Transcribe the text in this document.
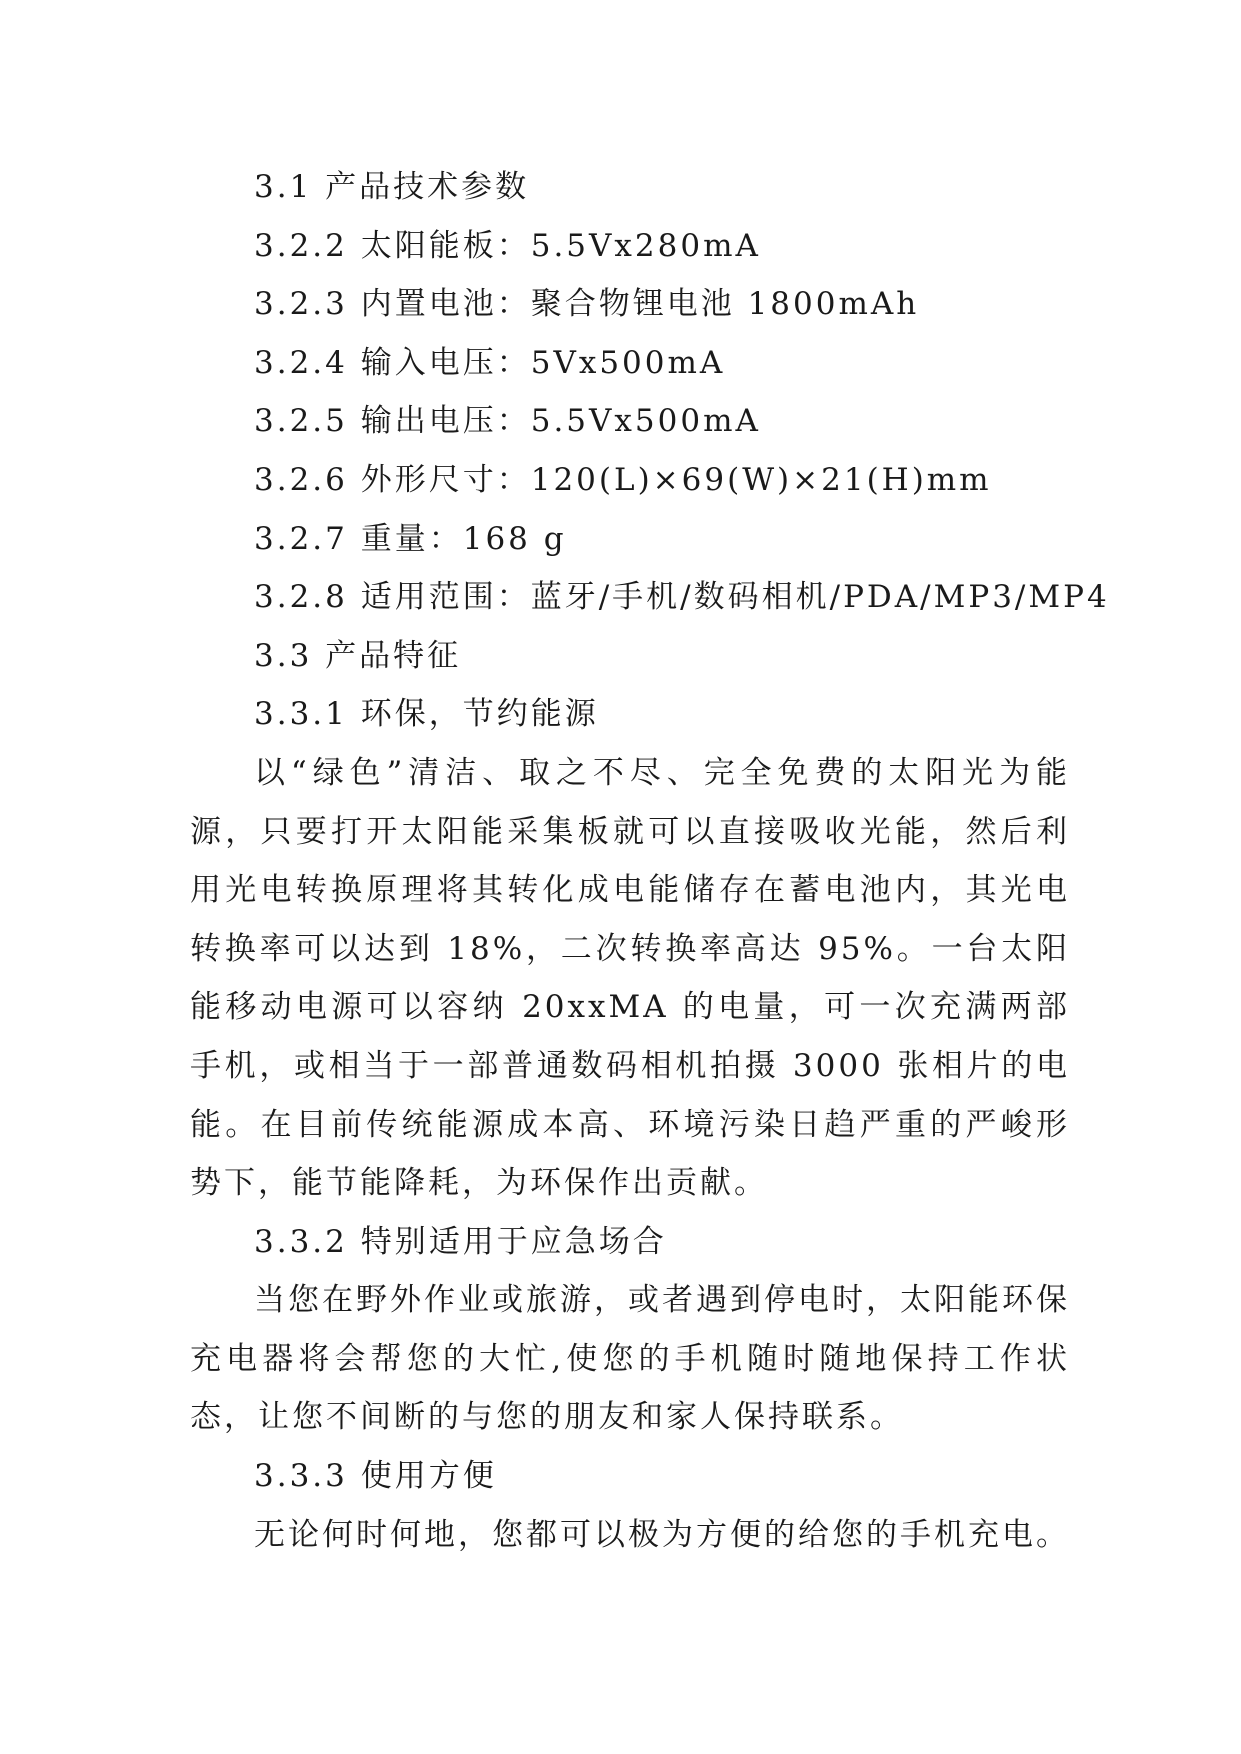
3.1 产品技术参数
3.2.2 太阳能板：5.5Vx280mA
3.2.3 内置电池：聚合物锂电池 1800mAh
3.2.4 输入电压：5Vx500mA
3.2.5 输出电压：5.5Vx500mA
3.2.6 外形尺寸：120(L)×69(W)×21(H)mm
3.2.7 重量：168 g
3.2.8 适用范围：蓝牙/手机/数码相机/PDA/MP3/MP4
3.3 产品特征
3.3.1 环保，节约能源

以“绿色”清洁、取之不尽、完全免费的太阳光为能源，只要打开太阳能采集板就可以直接吸收光能，然后利用光电转换原理将其转化成电能储存在蓄电池内，其光电转换率可以达到 18%，二次转换率高达 95%。一台太阳能移动电源可以容纳 20xxMA 的电量，可一次充满两部手机，或相当于一部普通数码相机拍摄 3000 张相片的电能。在目前传统能源成本高、环境污染日趋严重的严峻形势下，能节能降耗，为环保作出贡献。

3.3.2 特别适用于应急场合

当您在野外作业或旅游，或者遇到停电时，太阳能环保充电器将会帮您的大忙,使您的手机随时随地保持工作状态，让您不间断的与您的朋友和家人保持联系。

3.3.3 使用方便

无论何时何地，您都可以极为方便的给您的手机充电。
